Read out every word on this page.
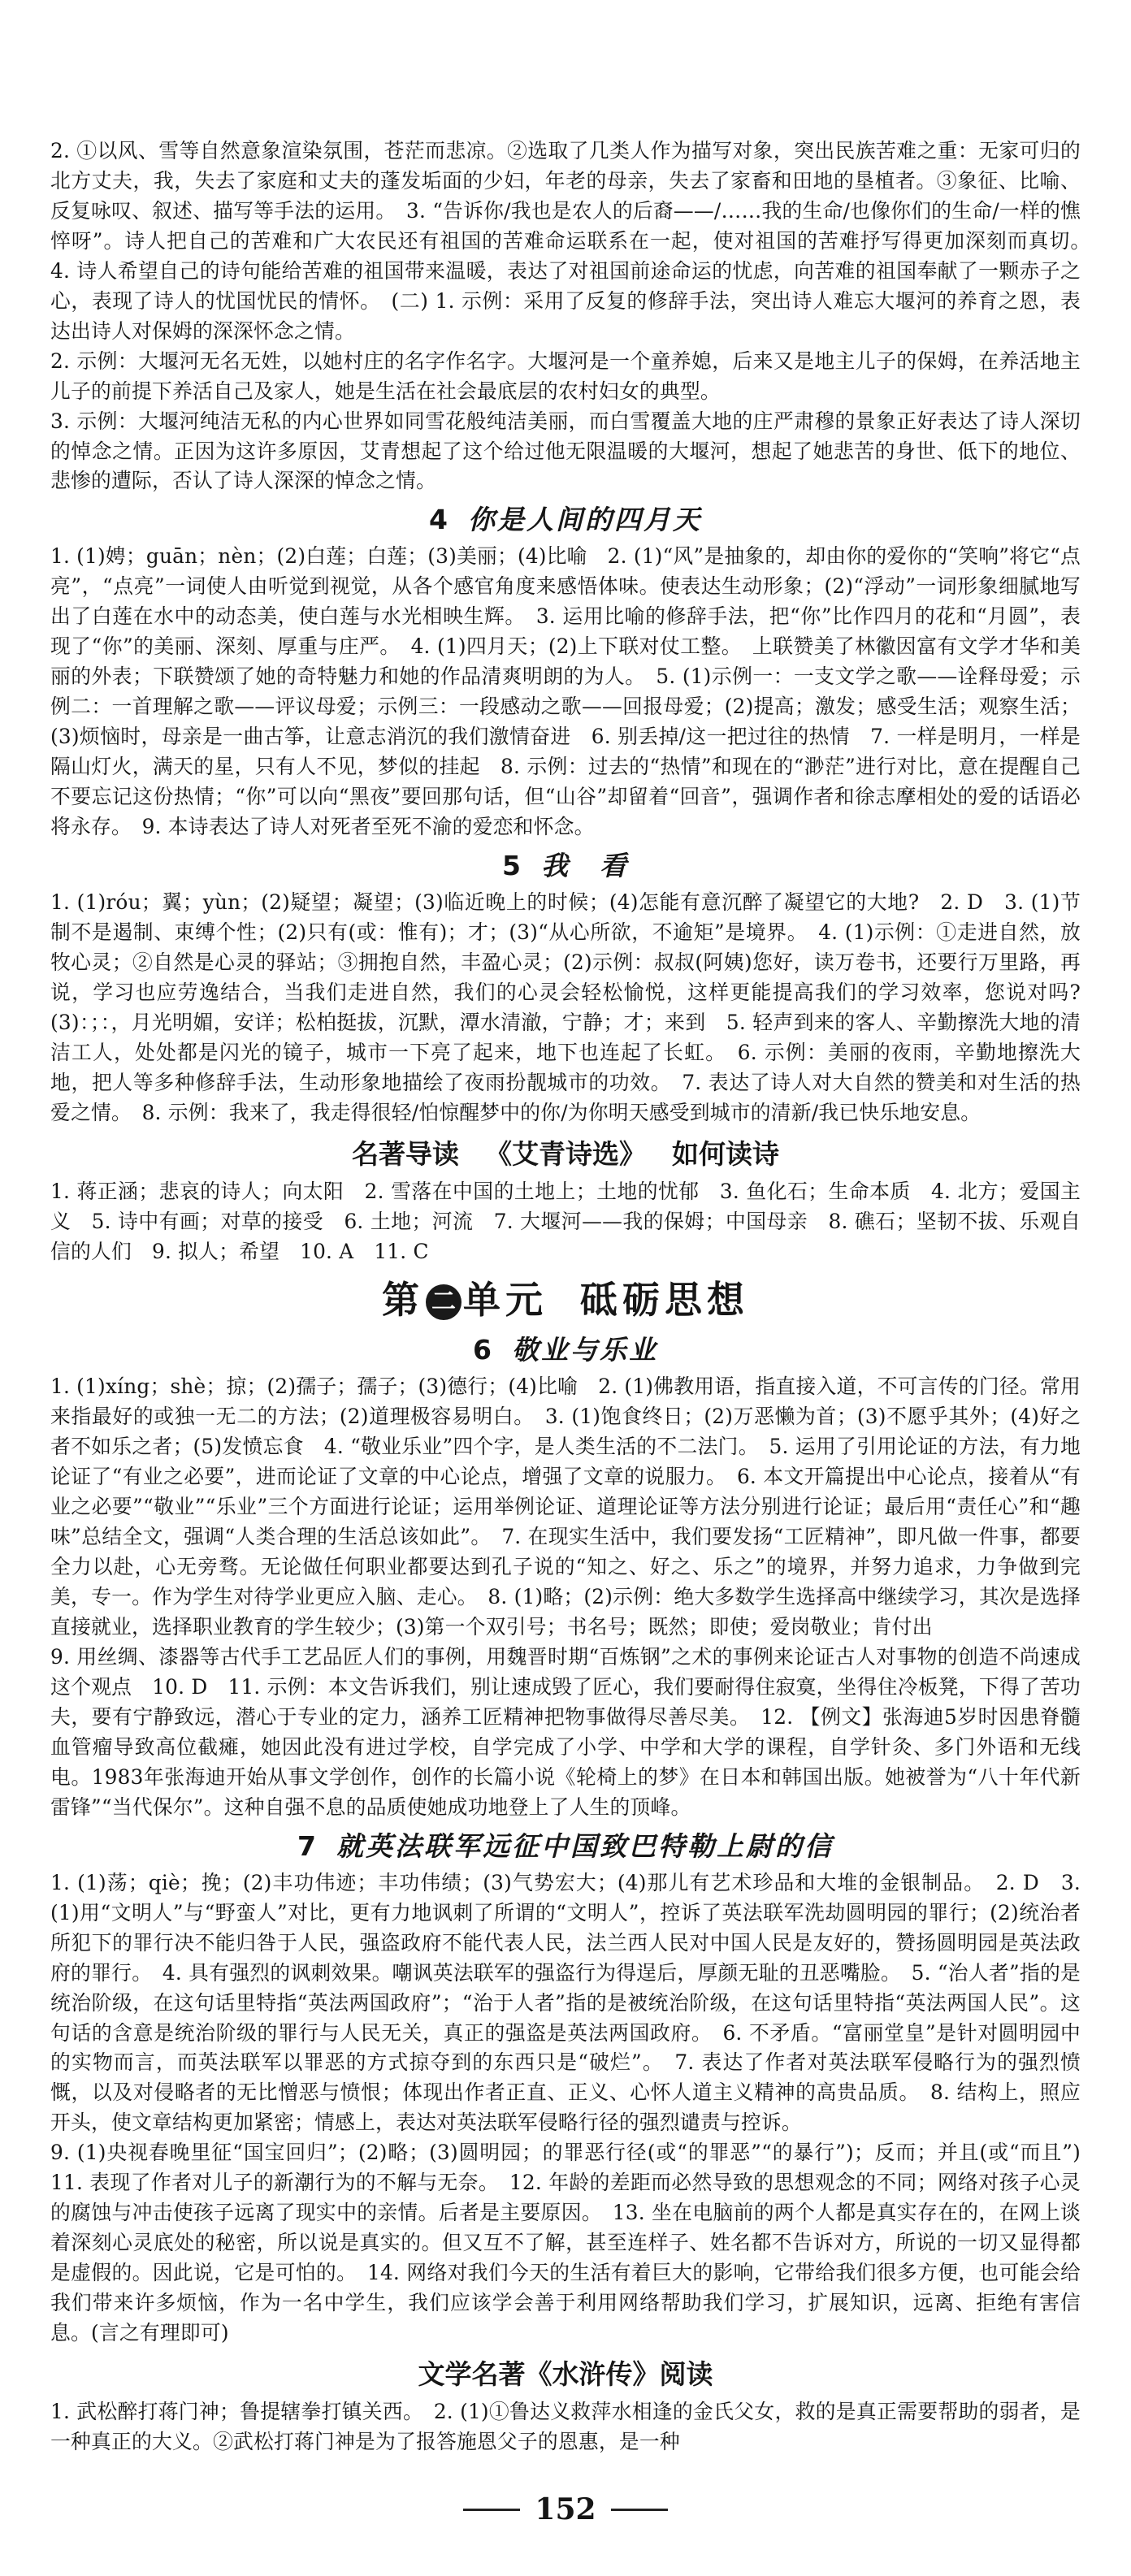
2. ①以风、雪等自然意象渲染氛围，苍茫而悲凉。②选取了几类人作为描写对象，突出民族苦难之重：无家可归的北方丈夫，我，失去了家庭和丈夫的蓬发垢面的少妇，年老的母亲，失去了家畜和田地的垦植者。③象征、比喻、反复咏叹、叙述、描写等手法的运用。　3. “告诉你/我也是农人的后裔——/……我的生命/也像你们的生命/一样的憔悴呀”。诗人把自己的苦难和广大农民还有祖国的苦难命运联系在一起，使对祖国的苦难抒写得更加深刻而真切。　4. 诗人希望自己的诗句能给苦难的祖国带来温暖，表达了对祖国前途命运的忧虑，向苦难的祖国奉献了一颗赤子之心，表现了诗人的忧国忧民的情怀。　(二) 1. 示例：采用了反复的修辞手法，突出诗人难忘大堰河的养育之恩，表达出诗人对保姆的深深怀念之情。

2. 示例：大堰河无名无姓，以她村庄的名字作名字。大堰河是一个童养媳，后来又是地主儿子的保姆，在养活地主儿子的前提下养活自己及家人，她是生活在社会最底层的农村妇女的典型。

3. 示例：大堰河纯洁无私的内心世界如同雪花般纯洁美丽，而白雪覆盖大地的庄严肃穆的景象正好表达了诗人深切的悼念之情。正因为这许多原因，艾青想起了这个给过他无限温暖的大堰河，想起了她悲苦的身世、低下的地位、悲惨的遭际，否认了诗人深深的悼念之情。

4 你是人间的四月天

1. (1)娉；guān；nèn；(2)白莲；白莲；(3)美丽；(4)比喻　2. (1)“风”是抽象的，却由你的爱你的“笑响”将它“点亮”，“点亮”一词使人由听觉到视觉，从各个感官角度来感悟体味。使表达生动形象；(2)“浮动”一词形象细腻地写出了白莲在水中的动态美，使白莲与水光相映生辉。　3. 运用比喻的修辞手法，把“你”比作四月的花和“月圆”，表现了“你”的美丽、深刻、厚重与庄严。　4. (1)四月天；(2)上下联对仗工整。　上联赞美了林徽因富有文学才华和美丽的外表；下联赞颂了她的奇特魅力和她的作品清爽明朗的为人。　5. (1)示例一：一支文学之歌——诠释母爱；示例二：一首理解之歌——评议母爱；示例三：一段感动之歌——回报母爱；(2)提高；激发；感受生活；观察生活；(3)烦恼时，母亲是一曲古筝，让意志消沉的我们激情奋进　6. 别丢掉/这一把过往的热情　7. 一样是明月，一样是隔山灯火，满天的星，只有人不见，梦似的挂起　8. 示例：过去的“热情”和现在的“渺茫”进行对比，意在提醒自己不要忘记这份热情；“你”可以向“黑夜”要回那句话，但“山谷”却留着“回音”，强调作者和徐志摩相处的爱的话语必将永存。　9. 本诗表达了诗人对死者至死不渝的爱恋和怀念。

5 我　看

1. (1)róu；翼；yùn；(2)疑望；凝望；(3)临近晚上的时候；(4)怎能有意沉醉了凝望它的大地?　2. D　3. (1)节制不是遏制、束缚个性；(2)只有(或：惟有)；才；(3)“从心所欲，不逾矩”是境界。　4. (1)示例：①走进自然，放牧心灵；②自然是心灵的驿站；③拥抱自然，丰盈心灵；(2)示例：叔叔(阿姨)您好，读万卷书，还要行万里路，再说，学习也应劳逸结合，当我们走进自然，我们的心灵会轻松愉悦，这样更能提高我们的学习效率，您说对吗?　(3)：；：，月光明媚，安详；松柏挺拔，沉默，潭水清澈，宁静；才；来到　5. 轻声到来的客人、辛勤擦洗大地的清洁工人，处处都是闪光的镜子，城市一下亮了起来，地下也连起了长虹。　6. 示例：美丽的夜雨，辛勤地擦洗大地，把人等多种修辞手法，生动形象地描绘了夜雨扮靓城市的功效。　7. 表达了诗人对大自然的赞美和对生活的热爱之情。　8. 示例：我来了，我走得很轻/怕惊醒梦中的你/为你明天感受到城市的清新/我已快乐地安息。

名著导读 《艾青诗选》 如何读诗

1. 蒋正涵；悲哀的诗人；向太阳　2. 雪落在中国的土地上；土地的忧郁　3. 鱼化石；生命本质　4. 北方；爱国主义　5. 诗中有画；对草的接受　6. 土地；河流　7. 大堰河——我的保姆；中国母亲　8. 礁石；坚韧不拔、乐观自信的人们　9. 拟人；希望　10. A　11. C

第 二 单元 砥砺思想
6 敬业与乐业

1. (1)xíng；shè；掠；(2)孺子；孺子；(3)德行；(4)比喻　2. (1)佛教用语，指直接入道，不可言传的门径。常用来指最好的或独一无二的方法；(2)道理极容易明白。　3. (1)饱食终日；(2)万恶懒为首；(3)不愿乎其外；(4)好之者不如乐之者；(5)发愤忘食　4. “敬业乐业”四个字，是人类生活的不二法门。　5. 运用了引用论证的方法，有力地论证了“有业之必要”，进而论证了文章的中心论点，增强了文章的说服力。　6. 本文开篇提出中心论点，接着从“有业之必要”“敬业”“乐业”三个方面进行论证；运用举例论证、道理论证等方法分别进行论证；最后用“责任心”和“趣味”总结全文，强调“人类合理的生活总该如此”。　7. 在现实生活中，我们要发扬“工匠精神”，即凡做一件事，都要全力以赴，心无旁骛。无论做任何职业都要达到孔子说的“知之、好之、乐之”的境界，并努力追求，力争做到完美，专一。作为学生对待学业更应入脑、走心。　8. (1)略；(2)示例：绝大多数学生选择高中继续学习，其次是选择直接就业，选择职业教育的学生较少；(3)第一个双引号；书名号；既然；即使；爱岗敬业；肯付出

9. 用丝绸、漆器等古代手工艺品匠人们的事例，用魏晋时期“百炼钢”之术的事例来论证古人对事物的创造不尚速成这个观点　10. D　11. 示例：本文告诉我们，别让速成毁了匠心，我们要耐得住寂寞，坐得住冷板凳，下得了苦功夫，要有宁静致远，潜心于专业的定力，涵养工匠精神把物事做得尽善尽美。　12. 【例文】张海迪5岁时因患脊髓血管瘤导致高位截瘫，她因此没有进过学校，自学完成了小学、中学和大学的课程，自学针灸、多门外语和无线电。1983年张海迪开始从事文学创作，创作的长篇小说《轮椅上的梦》在日本和韩国出版。她被誉为“八十年代新雷锋”“当代保尔”。这种自强不息的品质使她成功地登上了人生的顶峰。

7 就英法联军远征中国致巴特勒上尉的信

1. (1)荡；qiè；挽；(2)丰功伟迹；丰功伟绩；(3)气势宏大；(4)那儿有艺术珍品和大堆的金银制品。　2. D　3. (1)用“文明人”与“野蛮人”对比，更有力地讽刺了所谓的“文明人”，控诉了英法联军洗劫圆明园的罪行；(2)统治者所犯下的罪行决不能归咎于人民，强盗政府不能代表人民，法兰西人民对中国人民是友好的，赞扬圆明园是英法政府的罪行。　4. 具有强烈的讽刺效果。嘲讽英法联军的强盗行为得逞后，厚颜无耻的丑恶嘴脸。　5. “治人者”指的是统治阶级，在这句话里特指“英法两国政府”；“治于人者”指的是被统治阶级，在这句话里特指“英法两国人民”。这句话的含意是统治阶级的罪行与人民无关，真正的强盗是英法两国政府。　6. 不矛盾。“富丽堂皇”是针对圆明园中的实物而言，而英法联军以罪恶的方式掠夺到的东西只是“破烂”。　7. 表达了作者对英法联军侵略行为的强烈愤慨，以及对侵略者的无比憎恶与愤恨；体现出作者正直、正义、心怀人道主义精神的高贵品质。　8. 结构上，照应开头，使文章结构更加紧密；情感上，表达对英法联军侵略行径的强烈谴责与控诉。

9. (1)央视春晚里征“国宝回归”；(2)略；(3)圆明园；的罪恶行径(或“的罪恶”“的暴行”)；反而；并且(或“而且”)　11. 表现了作者对儿子的新潮行为的不解与无奈。　12. 年龄的差距而必然导致的思想观念的不同；网络对孩子心灵的腐蚀与冲击使孩子远离了现实中的亲情。后者是主要原因。　13. 坐在电脑前的两个人都是真实存在的，在网上谈着深刻心灵底处的秘密，所以说是真实的。但又互不了解，甚至连样子、姓名都不告诉对方，所说的一切又显得都是虚假的。因此说，它是可怕的。　14. 网络对我们今天的生活有着巨大的影响，它带给我们很多方便，也可能会给我们带来许多烦恼，作为一名中学生，我们应该学会善于利用网络帮助我们学习，扩展知识，远离、拒绝有害信息。(言之有理即可)

文学名著《水浒传》阅读

1. 武松醉打蒋门神；鲁提辖拳打镇关西。　2. (1)①鲁达义救萍水相逢的金氏父女，救的是真正需要帮助的弱者，是一种真正的大义。②武松打蒋门神是为了报答施恩父子的恩惠，是一种

152
